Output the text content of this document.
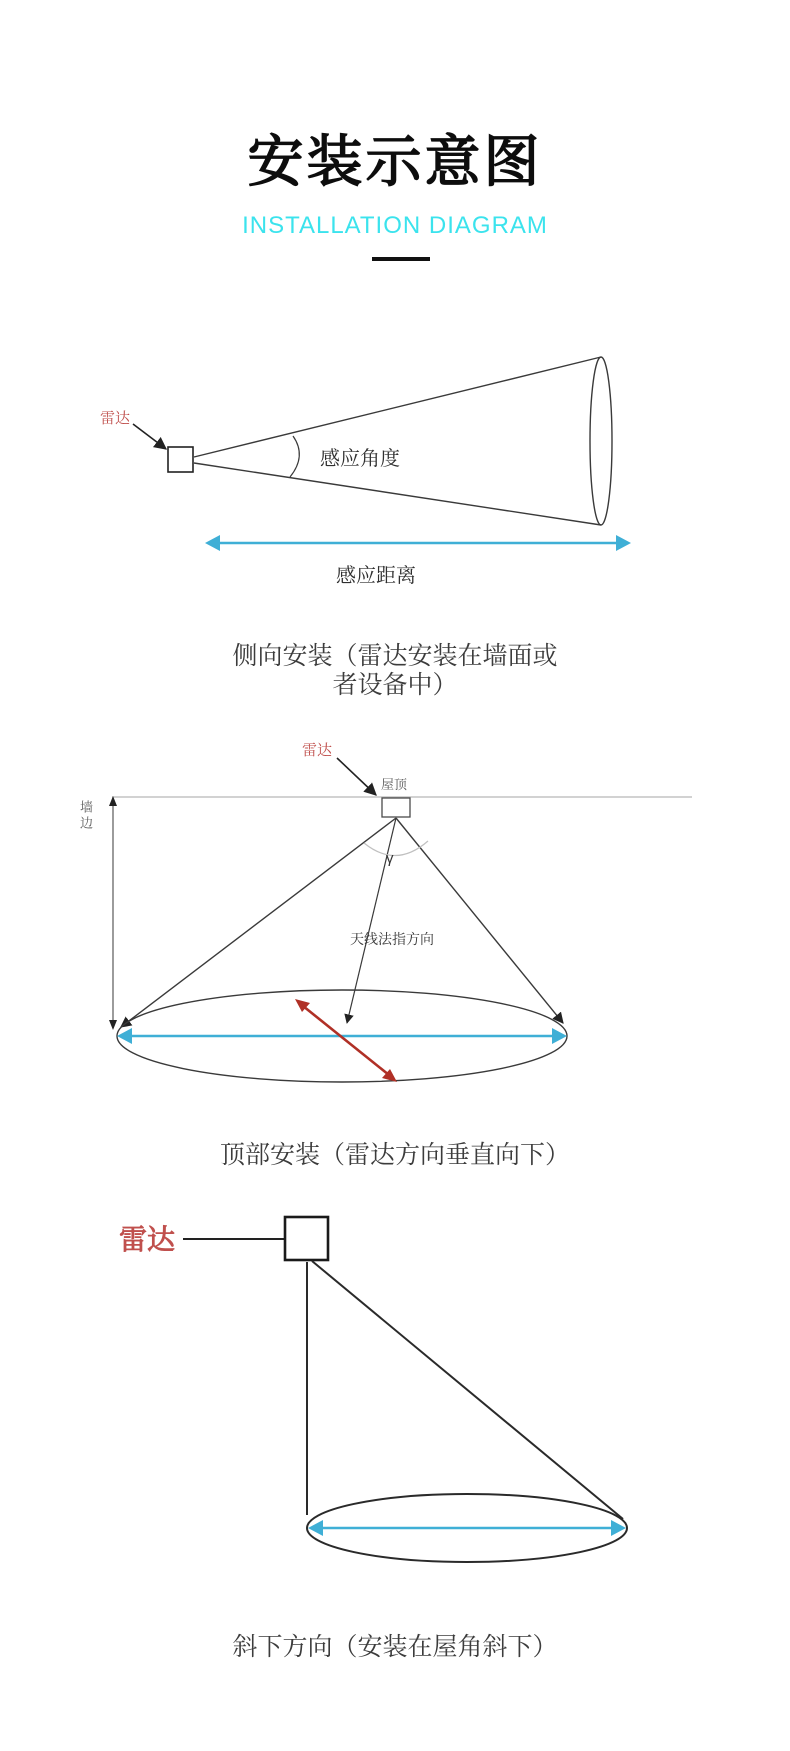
安装示意图
INSTALLATION DIAGRAM
雷达
感应角度
感应距离
侧向安装（雷达安装在墙面或
者设备中）
雷达
屋顶
墙边
天线法指方向
γ
顶部安装（雷达方向垂直向下）
雷达
斜下方向（安装在屋角斜下）
